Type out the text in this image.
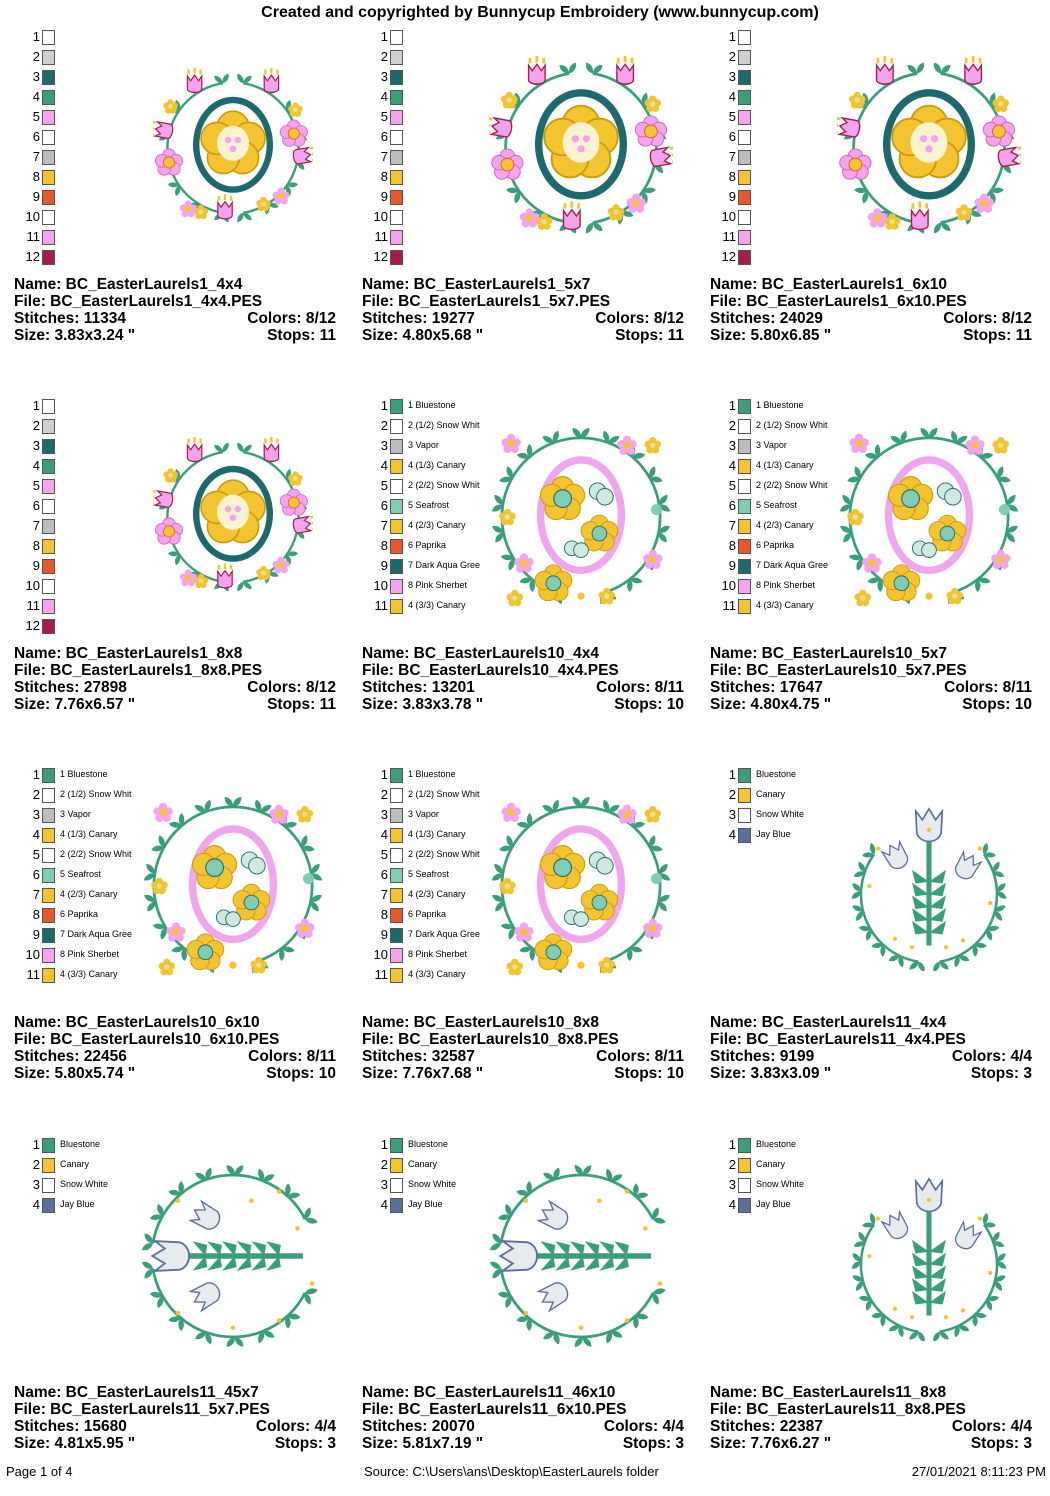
Created and copyrighted by Bunnycup Embroidery (www.bunnycup.com)
1
2
3
4
5
6
7
8
9
10
11
12
Name: BC_EasterLaurels1_4x4
File: BC_EasterLaurels1_4x4.PES
Stitches: 11334	Colors: 8/12
Size: 3.83x3.24 "	Stops: 11
1
2
3
4
5
6
7
8
9
10
11
12
Name: BC_EasterLaurels1_5x7
File: BC_EasterLaurels1_5x7.PES
Stitches: 19277	Colors: 8/12
Size: 4.80x5.68 "	Stops: 11
1
2
3
4
5
6
7
8
9
10
11
12
Name: BC_EasterLaurels1_6x10
File: BC_EasterLaurels1_6x10.PES
Stitches: 24029	Colors: 8/12
Size: 5.80x6.85 "	Stops: 11
1
2
3
4
5
6
7
8
9
10
11
12
Name: BC_EasterLaurels1_8x8
File: BC_EasterLaurels1_8x8.PES
Stitches: 27898	Colors: 8/12
Size: 7.76x6.57 "	Stops: 11
1 1 Bluestone
2 2 (1/2) Snow Whit
3 3 Vapor
4 4 (1/3) Canary
5 2 (2/2) Snow Whit
6 5 Seafrost
7 4 (2/3) Canary
8 6 Paprika
9 7 Dark Aqua Gree
10 8 Pink Sherbet
11 4 (3/3) Canary
Name: BC_EasterLaurels10_4x4
File: BC_EasterLaurels10_4x4.PES
Stitches: 13201	Colors: 8/11
Size: 3.83x3.78 "	Stops: 10
1 1 Bluestone
2 2 (1/2) Snow Whit
3 3 Vapor
4 4 (1/3) Canary
5 2 (2/2) Snow Whit
6 5 Seafrost
7 4 (2/3) Canary
8 6 Paprika
9 7 Dark Aqua Gree
10 8 Pink Sherbet
11 4 (3/3) Canary
Name: BC_EasterLaurels10_5x7
File: BC_EasterLaurels10_5x7.PES
Stitches: 17647	Colors: 8/11
Size: 4.80x4.75 "	Stops: 10
1 1 Bluestone
2 2 (1/2) Snow Whit
3 3 Vapor
4 4 (1/3) Canary
5 2 (2/2) Snow Whit
6 5 Seafrost
7 4 (2/3) Canary
8 6 Paprika
9 7 Dark Aqua Gree
10 8 Pink Sherbet
11 4 (3/3) Canary
Name: BC_EasterLaurels10_6x10
File: BC_EasterLaurels10_6x10.PES
Stitches: 22456	Colors: 8/11
Size: 5.80x5.74 "	Stops: 10
1 1 Bluestone
2 2 (1/2) Snow Whit
3 3 Vapor
4 4 (1/3) Canary
5 2 (2/2) Snow Whit
6 5 Seafrost
7 4 (2/3) Canary
8 6 Paprika
9 7 Dark Aqua Gree
10 8 Pink Sherbet
11 4 (3/3) Canary
Name: BC_EasterLaurels10_8x8
File: BC_EasterLaurels10_8x8.PES
Stitches: 32587	Colors: 8/11
Size: 7.76x7.68 "	Stops: 10
1 Bluestone
2 Canary
3 Snow White
4 Jay Blue
Name: BC_EasterLaurels11_4x4
File: BC_EasterLaurels11_4x4.PES
Stitches: 9199	Colors: 4/4
Size: 3.83x3.09 "	Stops: 3
1 Bluestone
2 Canary
3 Snow White
4 Jay Blue
Name: BC_EasterLaurels11_45x7
File: BC_EasterLaurels11_5x7.PES
Stitches: 15680	Colors: 4/4
Size: 4.81x5.95 "	Stops: 3
1 Bluestone
2 Canary
3 Snow White
4 Jay Blue
Name: BC_EasterLaurels11_46x10
File: BC_EasterLaurels11_6x10.PES
Stitches: 20070	Colors: 4/4
Size: 5.81x7.19 "	Stops: 3
1 Bluestone
2 Canary
3 Snow White
4 Jay Blue
Name: BC_EasterLaurels11_8x8
File: BC_EasterLaurels11_8x8.PES
Stitches: 22387	Colors: 4/4
Size: 7.76x6.27 "	Stops: 3
Page 1 of 4	Source: C:\Users\ans\Desktop\EasterLaurels folder	27/01/2021 8:11:23 PM
